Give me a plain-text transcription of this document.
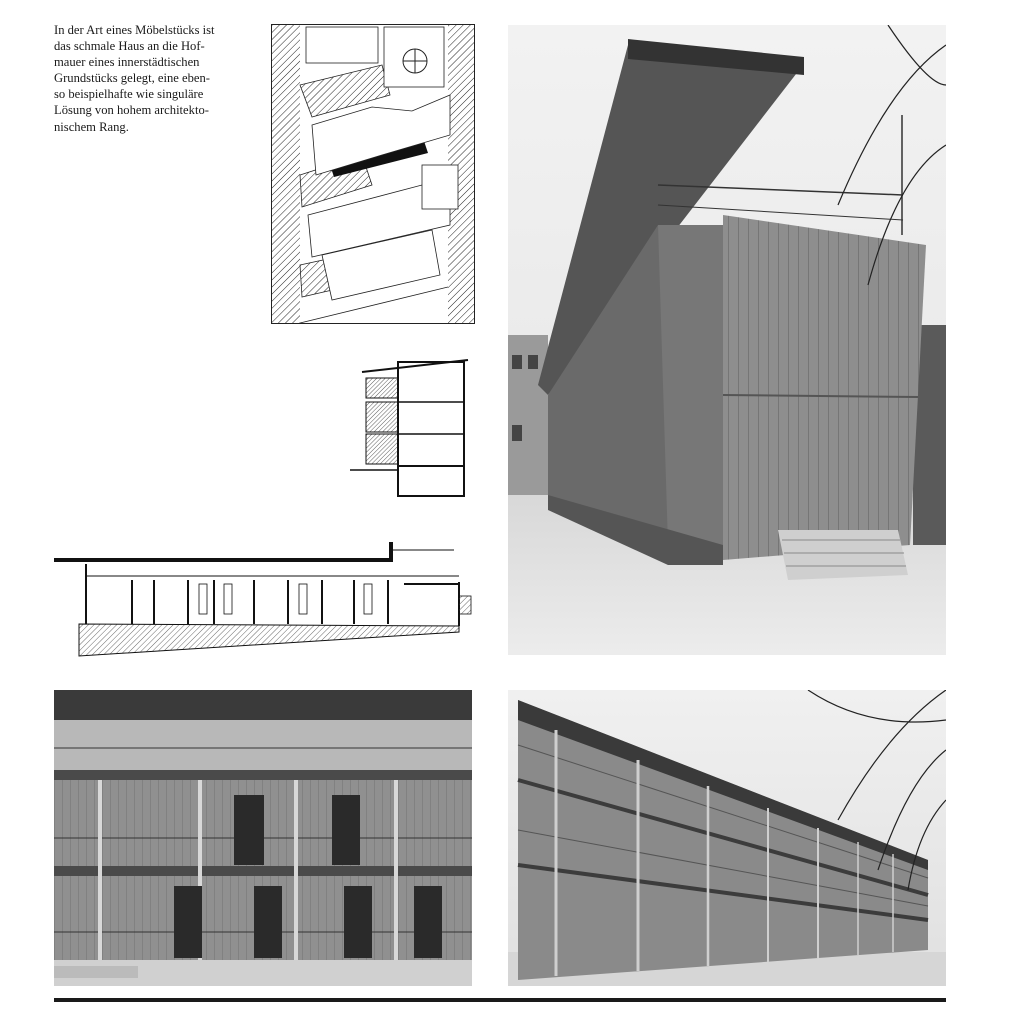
In der Art eines Möbelstücks ist
das schmale Haus an die Hof-
mauer eines innerstädtischen
Grundstücks gelegt, eine eben-
so beispielhafte wie singuläre
Lösung von hohem architekto-
nischem Rang.
